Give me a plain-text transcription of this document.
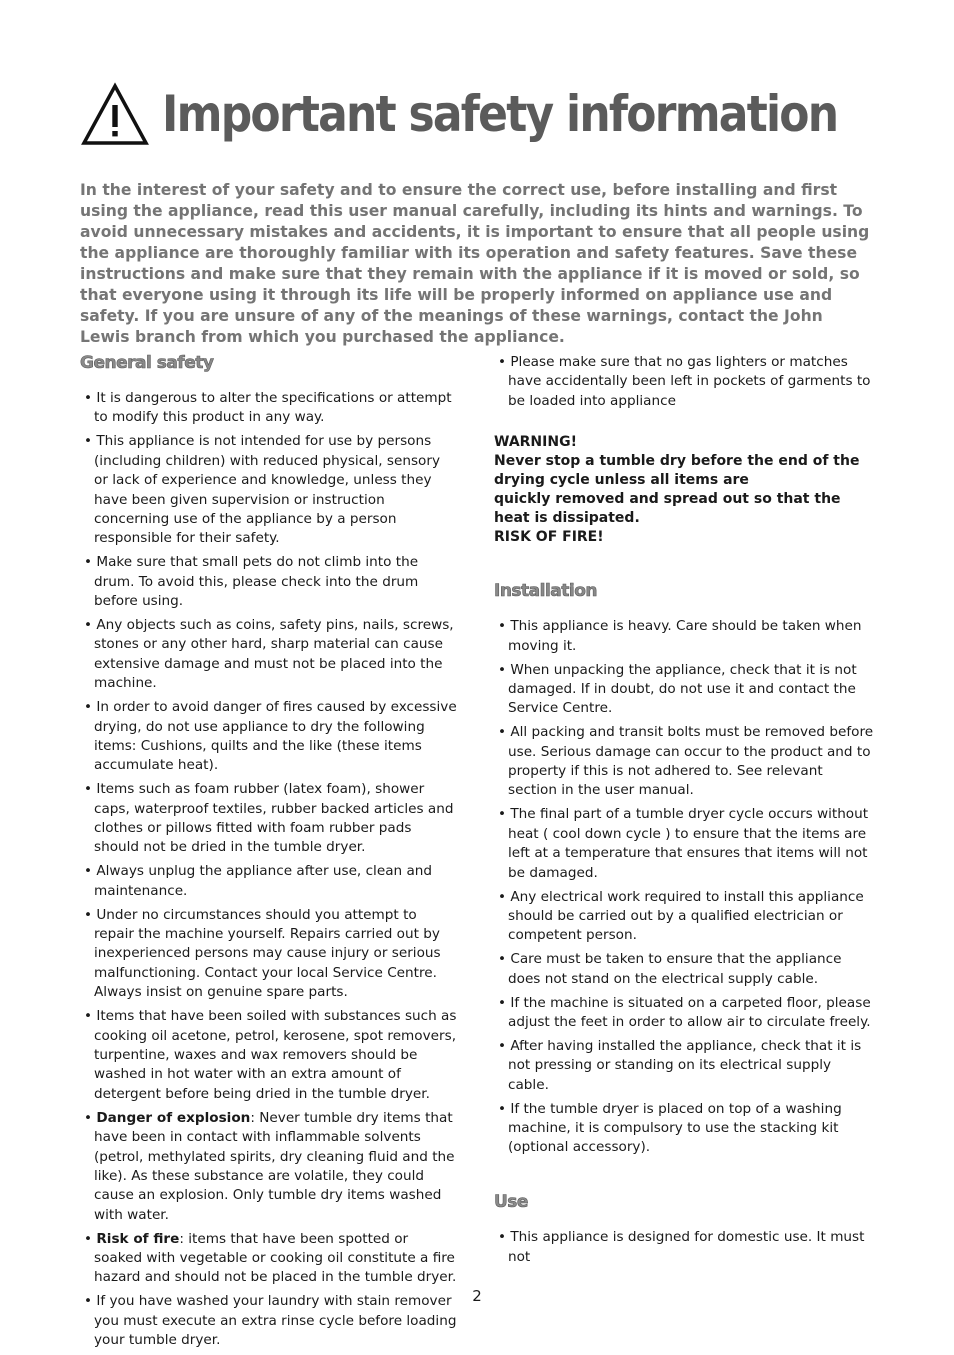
Important safety information

In the interest of your safety and to ensure the correct use, before installing and first using the appliance, read this user manual carefully, including its hints and warnings. To avoid unnecessary mistakes and accidents, it is important to ensure that all people using the appliance are thoroughly familiar with its operation and safety features. Save these instructions and make sure that they remain with the appliance if it is moved or sold, so that everyone using it through its life will be properly informed on appliance use and safety. If you are unsure of any of the meanings of these warnings, contact the John Lewis branch from which you purchased the appliance.

General safety
• It is dangerous to alter the specifications or attempt to modify this product in any way.
• This appliance is not intended for use by persons (including children) with reduced physical, sensory or lack of experience and knowledge, unless they have been given supervision or instruction concerning use of the appliance by a person responsible for their safety.
• Make sure that small pets do not climb into the drum. To avoid this, please check into the drum before using.
• Any objects such as coins, safety pins, nails, screws, stones or any other hard, sharp material can cause extensive damage and must not be placed into the machine.
• In order to avoid danger of fires caused by excessive drying, do not use appliance to dry the following items: Cushions, quilts and the like (these items accumulate heat).
• Items such as foam rubber (latex foam), shower caps, waterproof textiles, rubber backed articles and clothes or pillows fitted with foam rubber pads should not be dried in the tumble dryer.
• Always unplug the appliance after use, clean and maintenance.
• Under no circumstances should you attempt to repair the machine yourself. Repairs carried out by inexperienced persons may cause injury or serious malfunctioning. Contact your local Service Centre. Always insist on genuine spare parts.
• Items that have been soiled with substances such as cooking oil acetone, petrol, kerosene, spot removers, turpentine, waxes and wax removers should be washed in hot water with an extra amount of detergent before being dried in the tumble dryer.
• Danger of explosion: Never tumble dry items that have been in contact with inflammable solvents (petrol, methylated spirits, dry cleaning fluid and the like). As these substance are volatile, they could cause an explosion. Only tumble dry items washed with water.
• Risk of fire: items that have been spotted or soaked with vegetable or cooking oil constitute a fire hazard and should not be placed in the tumble dryer.
• If you have washed your laundry with stain remover you must execute an extra rinse cycle before loading your tumble dryer.
• Please make sure that no gas lighters or matches have accidentally been left in pockets of garments to be loaded into appliance
WARNING!
Never stop a tumble dry before the end of the drying cycle unless all items are
quickly removed and spread out so that the heat is dissipated.
RISK OF FIRE!
Installation
• This appliance is heavy. Care should be taken when moving it.
• When unpacking the appliance, check that it is not damaged. If in doubt, do not use it and contact the Service Centre.
• All packing and transit bolts must be removed before use. Serious damage can occur to the product and to property if this is not adhered to. See relevant section in the user manual.
• The final part of a tumble dryer cycle occurs without heat ( cool down cycle ) to ensure that the items are left at a temperature that ensures that items will not be damaged.
• Any electrical work required to install this appliance should be carried out by a qualified electrician or competent person.
• Care must be taken to ensure that the appliance does not stand on the electrical supply cable.
• If the machine is situated on a carpeted floor, please adjust the feet in order to allow air to circulate freely.
• After having installed the appliance, check that it is not pressing or standing on its electrical supply cable.
• If the tumble dryer is placed on top of a washing machine, it is compulsory to use the stacking kit (optional accessory).
Use
• This appliance is designed for domestic use. It must not
2
